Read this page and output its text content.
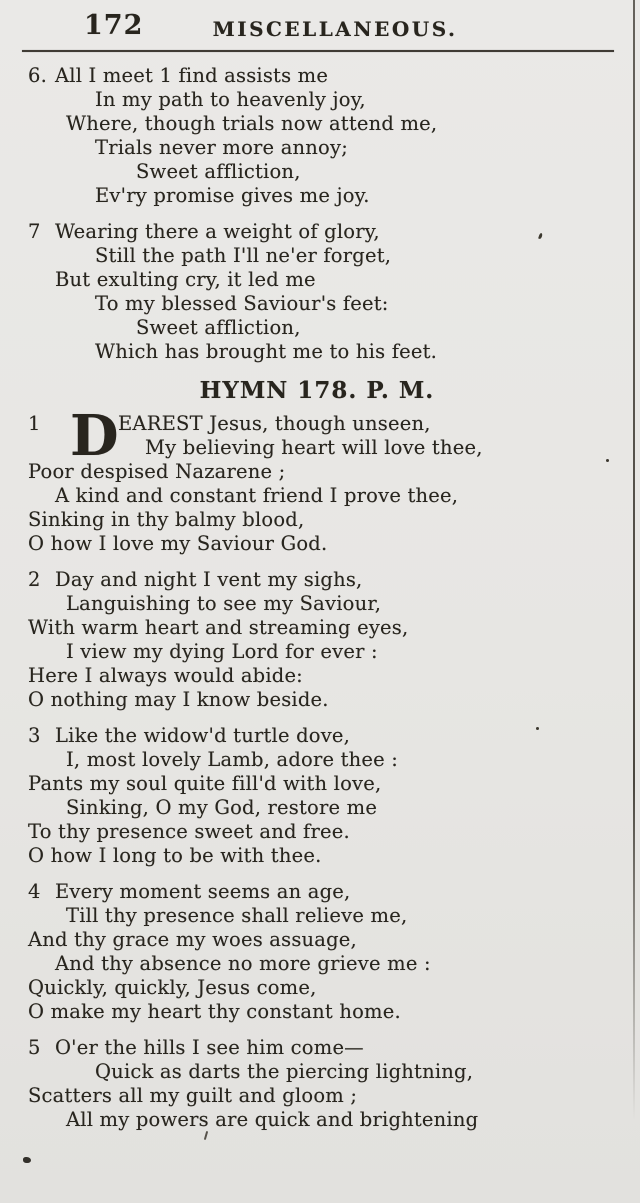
172	MISCELLANEOUS.
6. All I meet 1 find assists me
In my path to heavenly joy,
Where, though trials now attend me,
Trials never more annoy;
Sweet affliction,
Ev'ry promise gives me joy.
7 Wearing there a weight of glory,
Still the path I'll ne'er forget,
But exulting cry, it led me
To my blessed Saviour's feet:
Sweet affliction,
Which has brought me to his feet.
HYMN 178. P. M.
1 D EAREST Jesus, though unseen,
My believing heart will love thee,
Poor despised Nazarene ;
A kind and constant friend I prove thee,
Sinking in thy balmy blood,
O how I love my Saviour God.
2 Day and night I vent my sighs,
Languishing to see my Saviour,
With warm heart and streaming eyes,
I view my dying Lord for ever :
Here I always would abide:
O nothing may I know beside.
3 Like the widow'd turtle dove,
I, most lovely Lamb, adore thee :
Pants my soul quite fill'd with love,
Sinking, O my God, restore me
To thy presence sweet and free.
O how I long to be with thee.
4 Every moment seems an age,
Till thy presence shall relieve me,
And thy grace my woes assuage,
And thy absence no more grieve me :
Quickly, quickly, Jesus come,
O make my heart thy constant home.
5 O'er the hills I see him come—
Quick as darts the piercing lightning,
Scatters all my guilt and gloom ;
All my powers are quick and brightening
